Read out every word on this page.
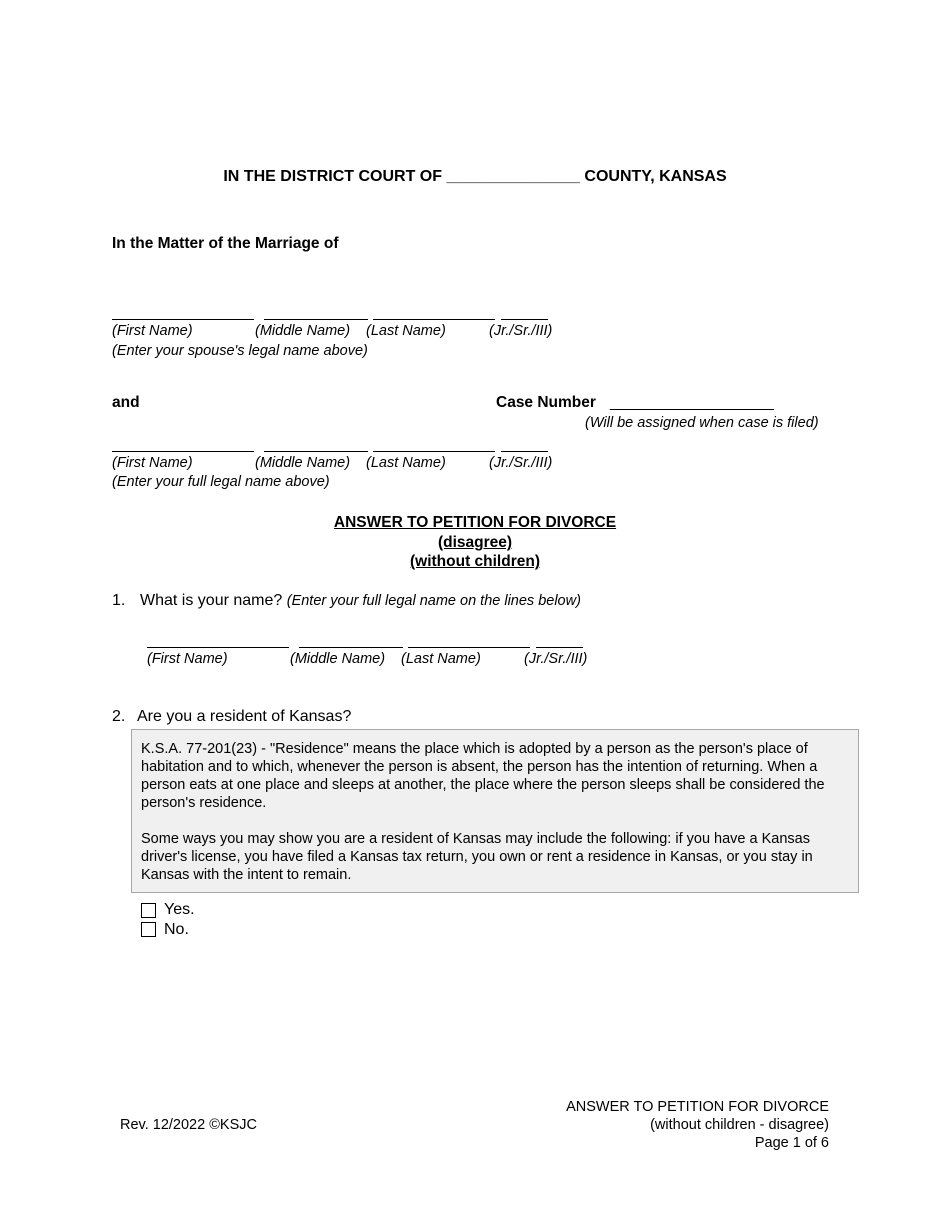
IN THE DISTRICT COURT OF _______________ COUNTY, KANSAS
In the Matter of the Marriage of
(First Name)	(Middle Name) (Last Name)	(Jr./Sr./III)
(Enter your spouse's legal name above)
and	Case Number ___________________
(Will be assigned when case is filed)
(First Name)	(Middle Name) (Last Name)	(Jr./Sr./III)
(Enter your full legal name above)
ANSWER TO PETITION FOR DIVORCE
(disagree)
(without children)
1. What is your name? (Enter your full legal name on the lines below)
(First Name)	(Middle Name) (Last Name)	(Jr./Sr./III)
2. Are you a resident of Kansas?

K.S.A. 77-201(23) - "Residence" means the place which is adopted by a person as the person's place of habitation and to which, whenever the person is absent, the person has the intention of returning. When a person eats at one place and sleeps at another, the place where the person sleeps shall be considered the person's residence.

Some ways you may show you are a resident of Kansas may include the following: if you have a Kansas driver's license, you have filed a Kansas tax return, you own or rent a residence in Kansas, or you stay in Kansas with the intent to remain.

Yes.
No.
Rev. 12/2022 ©KSJC
ANSWER TO PETITION FOR DIVORCE
(without children - disagree)
Page 1 of 6
